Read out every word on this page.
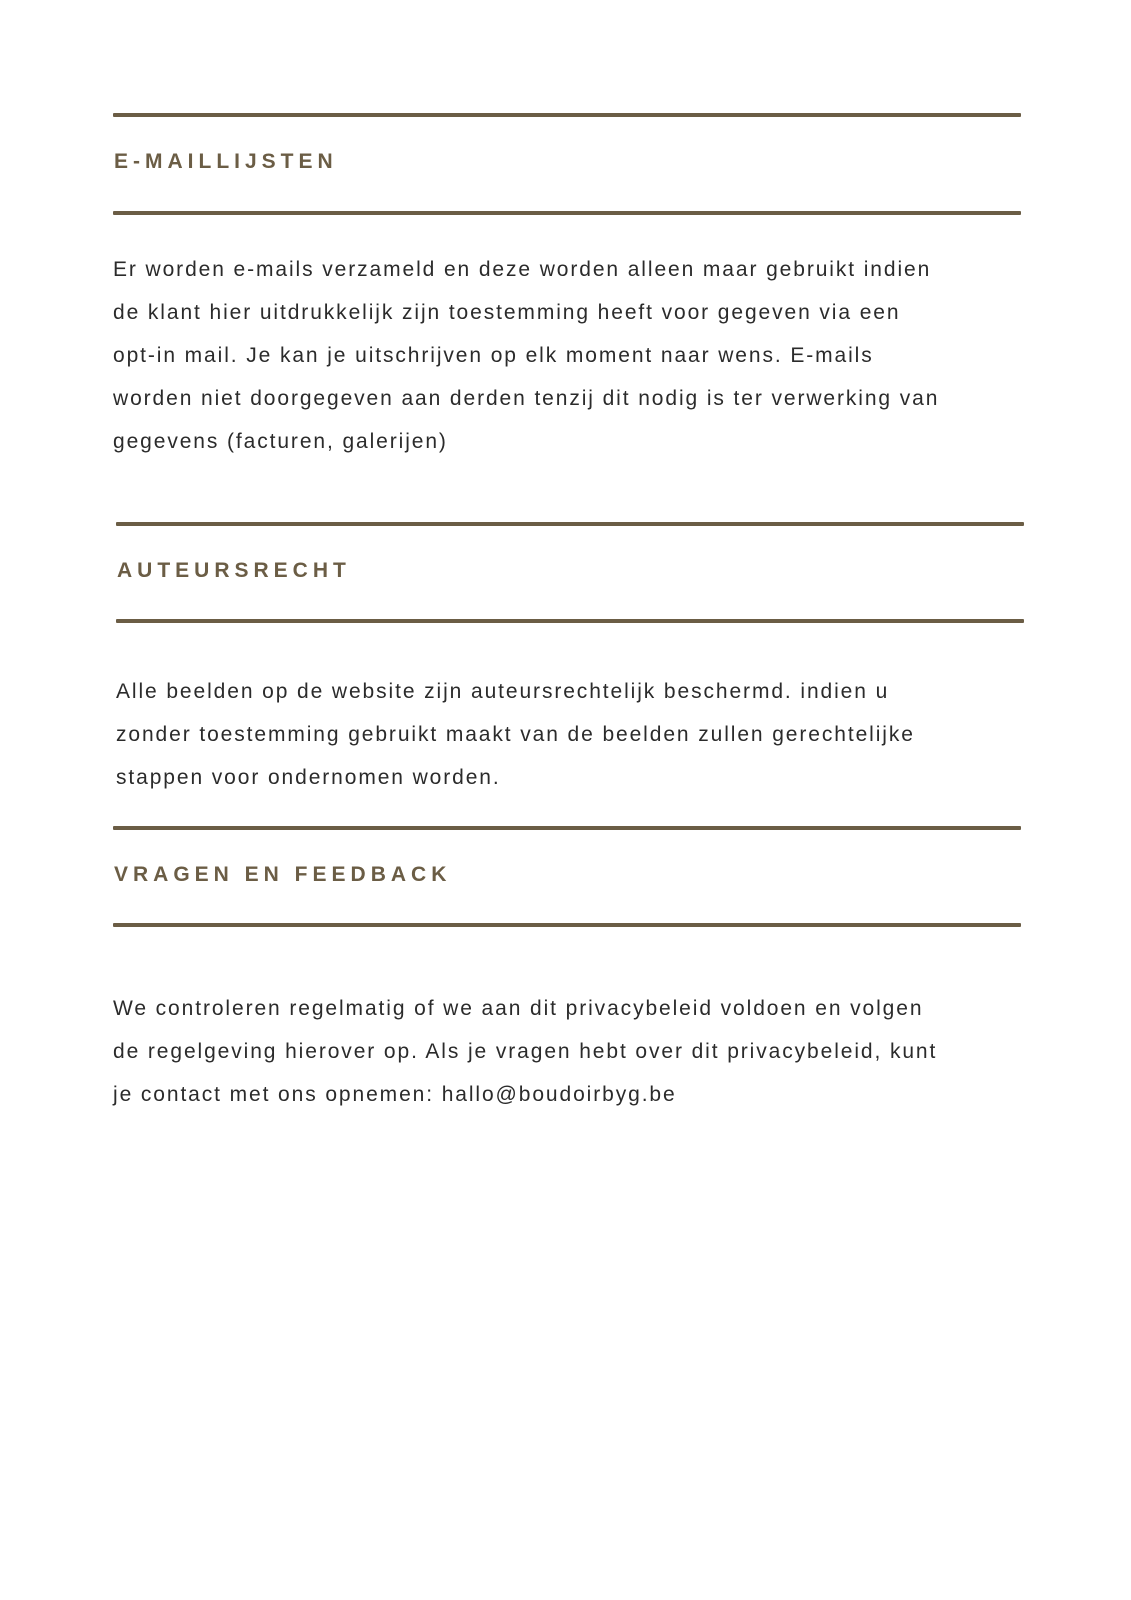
E-MAILLIJSTEN

Er worden e-mails verzameld en deze worden alleen maar gebruikt indien
de klant hier uitdrukkelijk zijn toestemming heeft voor gegeven via een
opt-in mail. Je kan je uitschrijven op elk moment naar wens. E-mails
worden niet doorgegeven aan derden tenzij dit nodig is ter verwerking van
gegevens (facturen, galerijen)

AUTEURSRECHT

Alle beelden op de website zijn auteursrechtelijk beschermd. indien u
zonder toestemming gebruikt maakt van de beelden zullen gerechtelijke
stappen voor ondernomen worden.

VRAGEN EN FEEDBACK

We controleren regelmatig of we aan dit privacybeleid voldoen en volgen
de regelgeving hierover op. Als je vragen hebt over dit privacybeleid, kunt
je contact met ons opnemen: hallo@boudoirbyg.be
